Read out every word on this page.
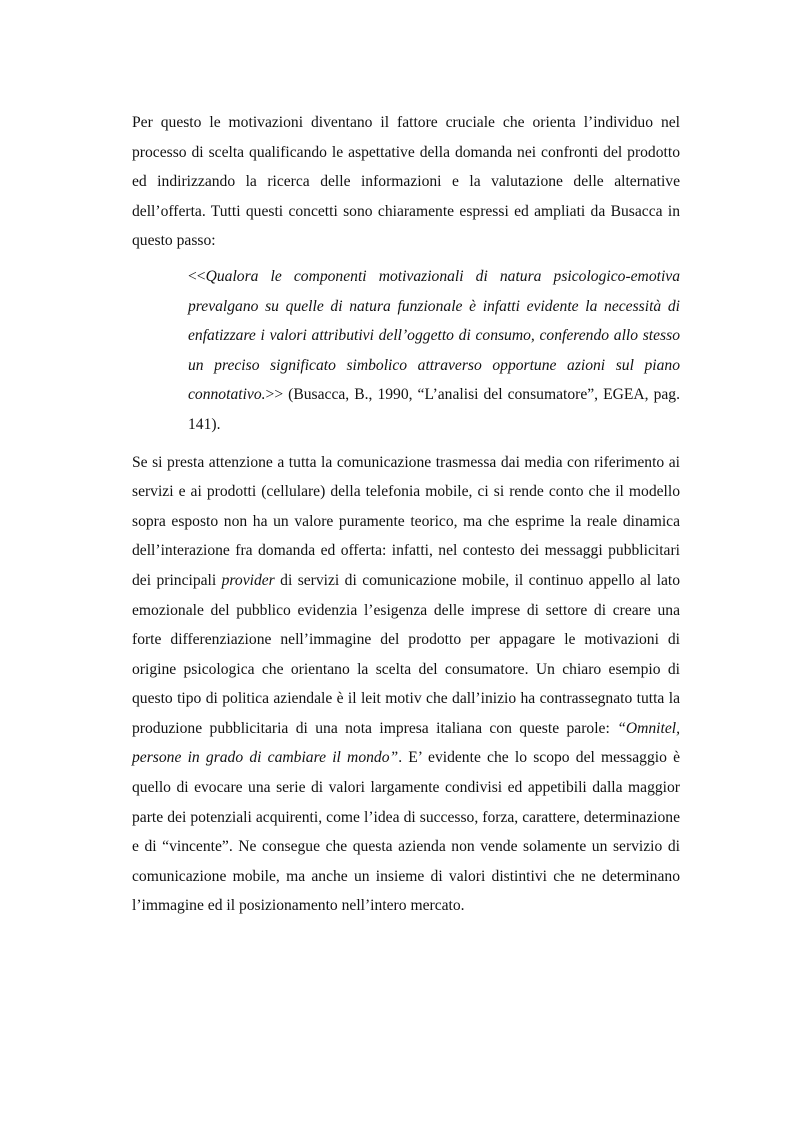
Per questo le motivazioni diventano il fattore cruciale che orienta l’individuo nel processo di scelta qualificando le aspettative della domanda nei confronti del prodotto ed indirizzando la ricerca delle informazioni e la valutazione delle alternative dell’offerta. Tutti questi concetti sono chiaramente espressi ed ampliati da Busacca in questo passo:

<<Qualora le componenti motivazionali di natura psicologico-emotiva prevalgano su quelle di natura funzionale è infatti evidente la necessità di enfatizzare i valori attributivi dell’oggetto di consumo, conferendo allo stesso un preciso significato simbolico attraverso opportune azioni sul piano connotativo.>> (Busacca, B., 1990, “L’analisi del consumatore”, EGEA, pag. 141).

Se si presta attenzione a tutta la comunicazione trasmessa dai media con riferimento ai servizi e ai prodotti (cellulare) della telefonia mobile, ci si rende conto che il modello sopra esposto non ha un valore puramente teorico, ma che esprime la reale dinamica dell’interazione fra domanda ed offerta: infatti, nel contesto dei messaggi pubblicitari dei principali provider di servizi di comunicazione mobile, il continuo appello al lato emozionale del pubblico evidenzia l’esigenza delle imprese di settore di creare una forte differenziazione nell’immagine del prodotto per appagare le motivazioni di origine psicologica che orientano la scelta del consumatore. Un chiaro esempio di questo tipo di politica aziendale è il leit motiv che dall’inizio ha contrassegnato tutta la produzione pubblicitaria di una nota impresa italiana con queste parole: “Omnitel, persone in grado di cambiare il mondo”. E’ evidente che lo scopo del messaggio è quello di evocare una serie di valori largamente condivisi ed appetibili dalla maggior parte dei potenziali acquirenti, come l’idea di successo, forza, carattere, determinazione e di “vincente”. Ne consegue che questa azienda non vende solamente un servizio di comunicazione mobile, ma anche un insieme di valori distintivi che ne determinano l’immagine ed il posizionamento nell’intero mercato.
